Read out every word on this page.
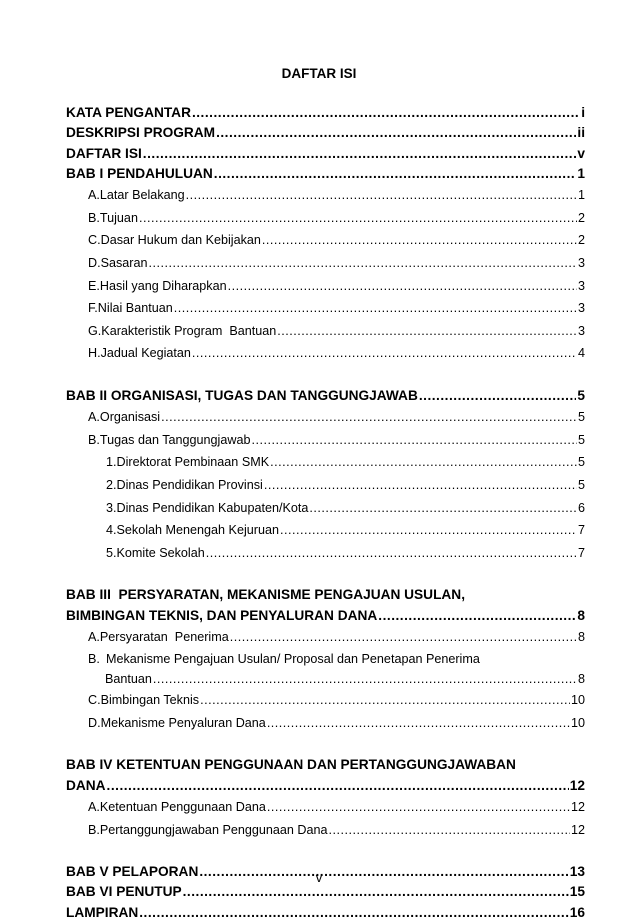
DAFTAR ISI
KATA PENGANTAR .....	i
DESKRIPSI PROGRAM .....	ii
DAFTAR ISI .....	v
BAB I PENDAHULUAN .....	1
A. Latar Belakang .....	1
B. Tujuan .....	2
C. Dasar Hukum dan Kebijakan .....	2
D. Sasaran .....	3
E. Hasil yang Diharapkan .....	3
F. Nilai Bantuan .....	3
G. Karakteristik Program  Bantuan .....	3
H. Jadual Kegiatan .....	4
BAB II ORGANISASI, TUGAS DAN TANGGUNGJAWAB .....	5
A. Organisasi .....	5
B. Tugas dan Tanggungjawab .....	5
1. Direktorat Pembinaan SMK .....	5
2. Dinas Pendidikan Provinsi .....	5
3. Dinas Pendidikan Kabupaten/Kota .....	6
4. Sekolah Menengah Kejuruan .....	7
5. Komite Sekolah .....	7
BAB III  PERSYARATAN, MEKANISME PENGAJUAN USULAN,
BIMBINGAN TEKNIS, DAN PENYALURAN DANA .....	8
A. Persyaratan  Penerima .....	8
B. Mekanisme Pengajuan Usulan/ Proposal dan Penetapan Penerima
Bantuan .....	8
C. Bimbingan Teknis .....	10
D. Mekanisme Penyaluran Dana .....	10
BAB IV KETENTUAN PENGGUNAAN DAN PERTANGGUNGJAWABAN
DANA .....	12
A. Ketentuan Penggunaan Dana .....	12
B. Pertanggungjawaban Penggunaan Dana .....	12
BAB V PELAPORAN .....	13
BAB VI PENUTUP .....	15
LAMPIRAN .....	16
v
